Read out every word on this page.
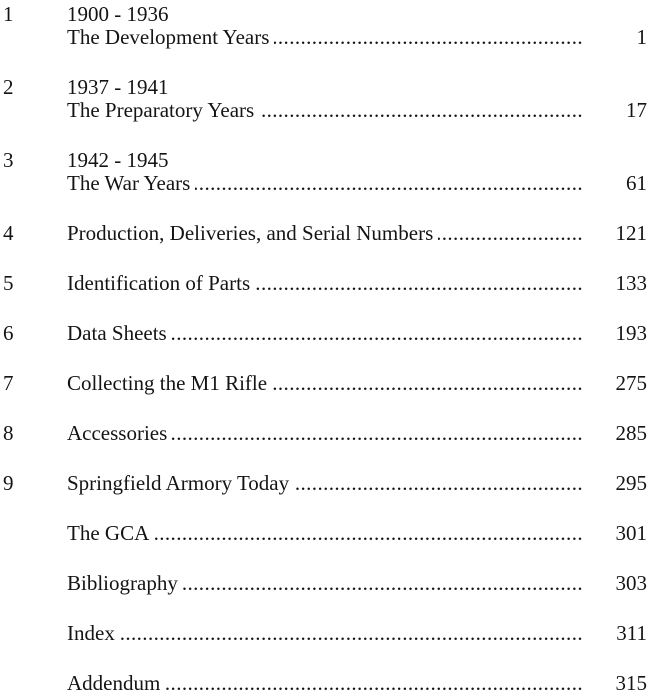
1	1900 - 1936
The Development Years .....	1
2	1937 - 1941
The Preparatory Years .....	17
3	1942 - 1945
The War Years .....	61
4	Production, Deliveries, and Serial Numbers .....	121
5	Identification of Parts .....	133
6	Data Sheets .....	193
7	Collecting the M1 Rifle .....	275
8	Accessories .....	285
9	Springfield Armory Today .....	295
The GCA .....	301
Bibliography .....	303
Index .....	311
Addendum .....	315
